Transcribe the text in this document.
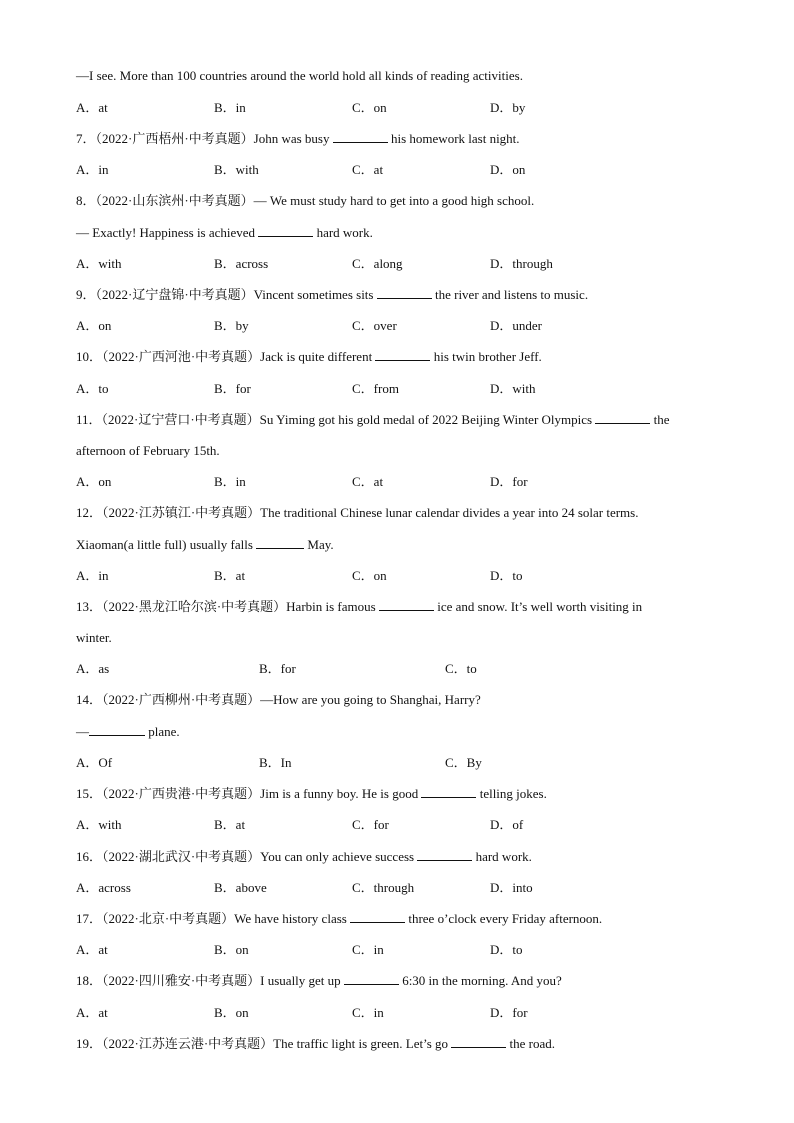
—I see. More than 100 countries around the world hold all kinds of reading activities.
A．at	B．in	C．on	D．by
7．（2022·广西梧州·中考真题）John was busy	his homework last night.
A．in	B．with	C．at	D．on
8．（2022·山东滨州·中考真题）— We must study hard to get into a good high school.
— Exactly! Happiness is achieved	hard work.
A．with	B．across	C．along	D．through
9．（2022·辽宁盘锦·中考真题）Vincent sometimes sits	the river and listens to music.
A．on	B．by	C．over	D．under
10．（2022·广西河池·中考真题）Jack is quite different	his twin brother Jeff.
A．to	B．for	C．from	D．with
11．（2022·辽宁营口·中考真题）Su Yiming got his gold medal of 2022 Beijing Winter Olympics	the
afternoon of February 15th.
A．on	B．in	C．at	D．for
12．（2022·江苏镇江·中考真题）The traditional Chinese lunar calendar divides a year into 24 solar terms.
Xiaoman(a little full) usually falls	May.
A．in	B．at	C．on	D．to
13．（2022·黑龙江哈尔滨·中考真题）Harbin is famous	ice and snow. It’s well worth visiting in
winter.
A．as	B．for	C．to
14．（2022·广西柳州·中考真题）—How are you going to Shanghai, Harry?
—	plane.
A．Of	B．In	C．By
15．（2022·广西贵港·中考真题）Jim is a funny boy. He is good	telling jokes.
A．with	B．at	C．for	D．of
16．（2022·湖北武汉·中考真题）You can only achieve success	hard work.
A．across	B．above	C．through	D．into
17．（2022·北京·中考真题）We have history class	three o’clock every Friday afternoon.
A．at	B．on	C．in	D．to
18．（2022·四川雅安·中考真题）I usually get up	6:30 in the morning. And you?
A．at	B．on	C．in	D．for
19．（2022·江苏连云港·中考真题）The traffic light is green. Let’s go	the road.
